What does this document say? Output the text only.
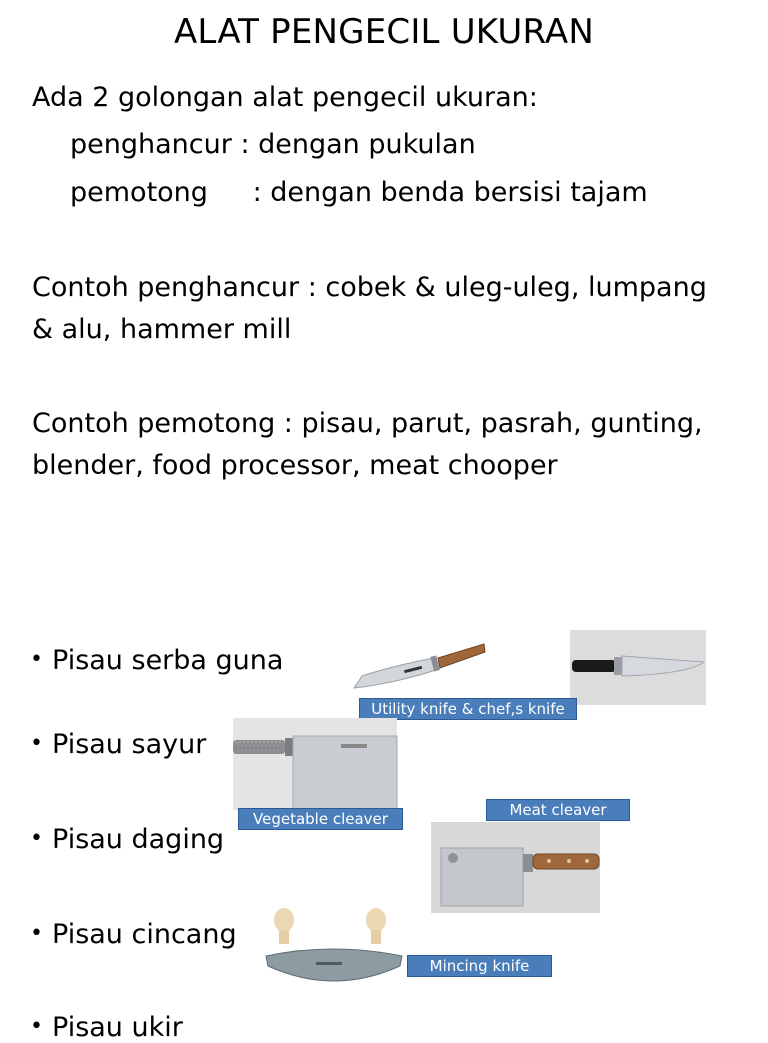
ALAT PENGECIL UKURAN
Ada 2 golongan alat pengecil ukuran:
penghancur : dengan pukulan
pemotong : dengan benda bersisi tajam
Contoh penghancur : cobek & uleg-uleg, lumpang
& alu, hammer mill
Contoh pemotong : pisau, parut, pasrah, gunting,
blender, food processor, meat chooper
• Pisau serba guna
• Pisau sayur
• Pisau daging
• Pisau cincang
• Pisau ukir
Utility knife & chef,s knife
Vegetable cleaver	Meat cleaver
Mincing knife
